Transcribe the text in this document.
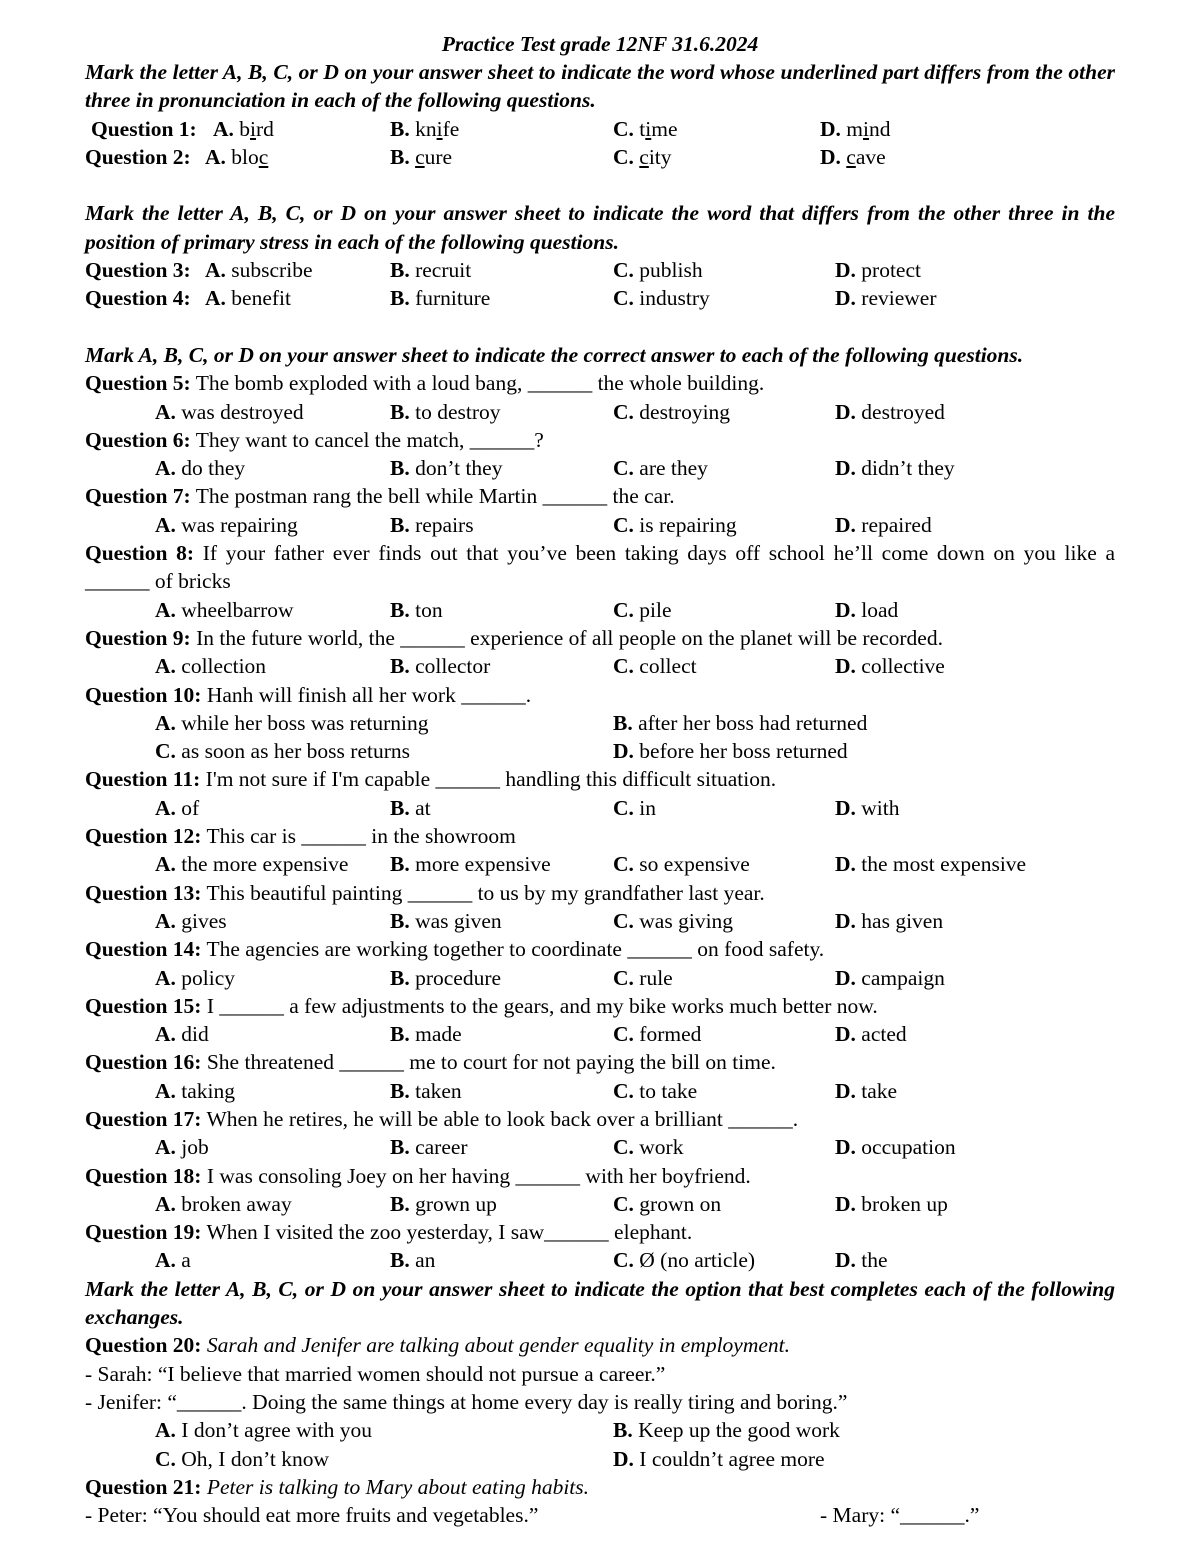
Practice Test grade 12NF 31.6.2024
Mark the letter A, B, C, or D on your answer sheet to indicate the word whose underlined part differs from the other three in pronunciation in each of the following questions.
Question 1: A. bird	B. knife	C. time	D. mind
Question 2: A. bloc	B. cure	C. city	D. cave
Mark the letter A, B, C, or D on your answer sheet to indicate the word that differs from the other three in the position of primary stress in each of the following questions.
Question 3: A. subscribe	B. recruit	C. publish	D. protect
Question 4: A. benefit	B. furniture	C. industry	D. reviewer
Mark A, B, C, or D on your answer sheet to indicate the correct answer to each of the following questions.
Question 5: The bomb exploded with a loud bang, ______ the whole building.
A. was destroyed	B. to destroy	C. destroying	D. destroyed
Question 6: They want to cancel the match, ______?
A. do they	B. don’t they	C. are they	D. didn’t they
Question 7: The postman rang the bell while Martin ______ the car.
A. was repairing	B. repairs	C. is repairing	D. repaired
Question 8: If your father ever finds out that you’ve been taking days off school he’ll come down on you like a ______ of bricks
A. wheelbarrow	B. ton	C. pile	D. load
Question 9: In the future world, the ______ experience of all people on the planet will be recorded.
A. collection	B. collector	C. collect	D. collective
Question 10: Hanh will finish all her work ______.
A. while her boss was returning	B. after her boss had returned
C. as soon as her boss returns	D. before her boss returned
Question 11: I'm not sure if I'm capable ______ handling this difficult situation.
A. of	B. at	C. in	D. with
Question 12: This car is ______ in the showroom
A. the more expensive B. more expensive	C. so expensive	D. the most expensive
Question 13: This beautiful painting ______ to us by my grandfather last year.
A. gives	B. was given	C. was giving	D. has given
Question 14: The agencies are working together to coordinate ______ on food safety.
A. policy	B. procedure	C. rule	D. campaign
Question 15: I ______ a few adjustments to the gears, and my bike works much better now.
A. did	B. made	C. formed	D. acted
Question 16: She threatened ______ me to court for not paying the bill on time.
A. taking	B. taken	C. to take	D. take
Question 17: When he retires, he will be able to look back over a brilliant ______.
A. job	B. career	C. work	D. occupation
Question 18: I was consoling Joey on her having ______ with her boyfriend.
A. broken away	B. grown up	C. grown on	D. broken up
Question 19: When I visited the zoo yesterday, I saw______ elephant.
A. a	B. an	C. Ø (no article)	D. the
Mark the letter A, B, C, or D on your answer sheet to indicate the option that best completes each of the following exchanges.
Question 20: Sarah and Jenifer are talking about gender equality in employment.
- Sarah: “I believe that married women should not pursue a career.”
- Jenifer: “______. Doing the same things at home every day is really tiring and boring.”
A. I don’t agree with you	B. Keep up the good work
C. Oh, I don’t know	D. I couldn’t agree more
Question 21: Peter is talking to Mary about eating habits.
- Peter: “You should eat more fruits and vegetables.”	- Mary: “______.”
